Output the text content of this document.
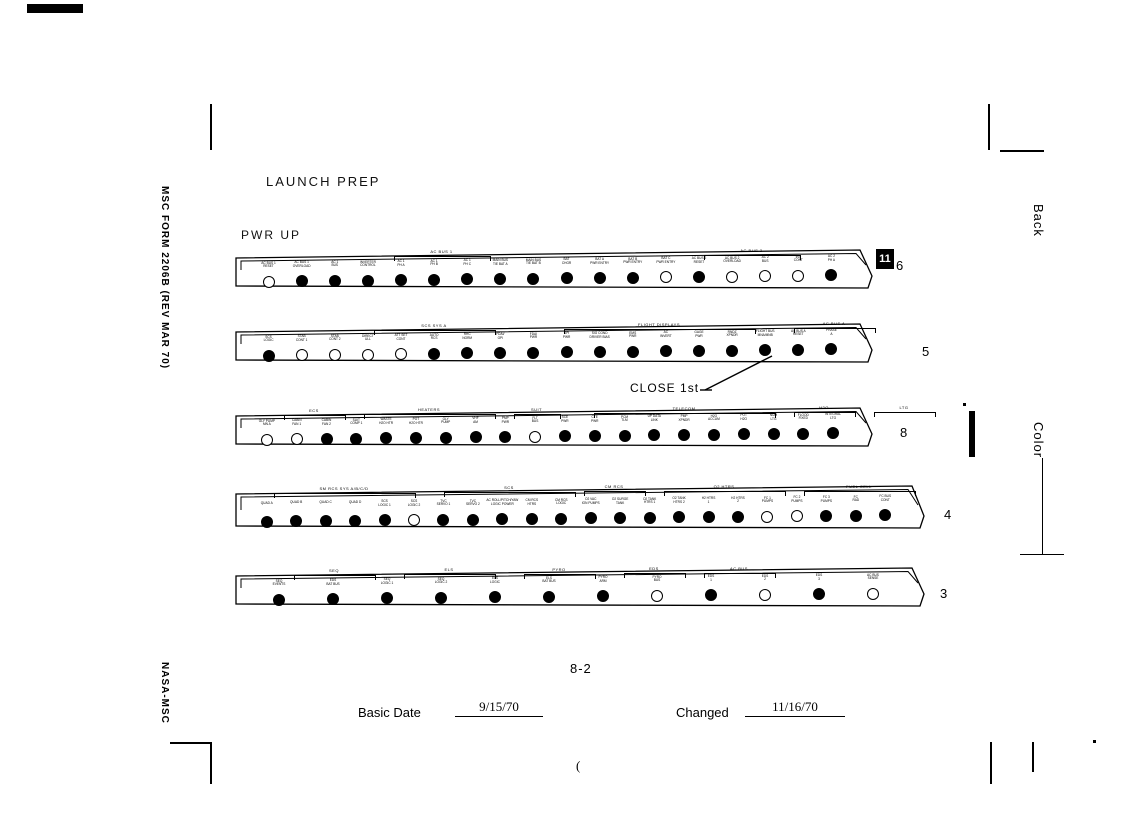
MSC FORM 2206B (REV MAR 70)
NASA-MSC
Back
Color
LAUNCH PREP
PWR UP
11
AC BUS 1	AC BUS 2
AC BUS 1
RESET
AC BUS 1
OVERLOAD
AC 1
BUS
INVERTER
CONTROL
AC 1
PH A
AC 1
PH B
AC 1
PH C
MAIN BUS
TIE BAT A
MAIN BUS
TIE BAT B
BAT
CHGR
BAT A
PWR ENTRY
BAT B
PWR ENTRY
BAT C
PWR ENTRY
AC BUS 2
RESET
AC BUS 2
OVERLOAD
AC 2
BUS
INV
CONT
AC 2
PH A	6
SCS SYS A	FLIGHT DISPLAYS	AC BUS A
SCS
LOGIC
STAB
CONT 1
STAB
CONT 2
DIRECT
ULL
ATT SET
CONT
AUTO
RCS
RHC
NORM
FDAI/
GPI
FDAI
PWR
GPI
PWR
SIG COND
DRIVER BIAS
EMS
PWR
AC
INVERT
GAGE
PWR
RNDZ
XPNDR
FLIGHT BUS
MNA/MNB
AC BUS A
RESET
PHASE
A
5
ECS	HEATERS	SUIT	TELECOM	H2O	LTG
GLY PUMP
MN A
CABIN
FAN 1
CABIN
FAN 2
SUIT
COMP 1
WASTE
H2O HTR
POT
H2O HTR
GLY
PUMP
VHF
AM
PMP
PWR
FLT
BUS
SCE
PWR
CTE
PWR
PCM
TLM
UP DATA
LINK
PMP
XPNDR
H2O
ACCUM
POT
H2O
NUM
LTG
FLOOD
FIXED
INTEGRAL
LTG
8
SM RCS SYS A/B/C/D	SCS	CM RCS	O2 HTRS	FUEL CELL
QUAD A	QUAD B	QUAD C	QUAD D	SCS
LOGIC 1
SCS
LOGIC 2
TVC
SERVO 1
TVC
SERVO 2
AC ROLL/PITCH/YAW
LOGIC POWER
CM RCS
HTRS
CM RCS
LOGIC
O2 VAC
ION PUMPS
O2 SURGE
TANK
O2 TANK
HTRS 1
O2 TANK
HTRS 2
H2 HTRS
1
H2 HTRS
2
FC 1
PUMPS
FC 2
PUMPS
FC 3
PUMPS
FC
RAD
FC BUS
CONT
4
SEQ	ELS	PYRO	EDS	AC BUS
SEQ
EVENTS
EDS
BAT BUS
SEQ
LOGIC 1
SEQ
LOGIC 2
ELS
LOGIC
ELS
BAT BUS
PYRO
ARM
PYRO
BUS
EDS
1
EDS
2
EDS
3
AC BUS
SENSE
3
CLOSE 1st
8-2
Basic Date	9/15/70	Changed	11/16/70
(
